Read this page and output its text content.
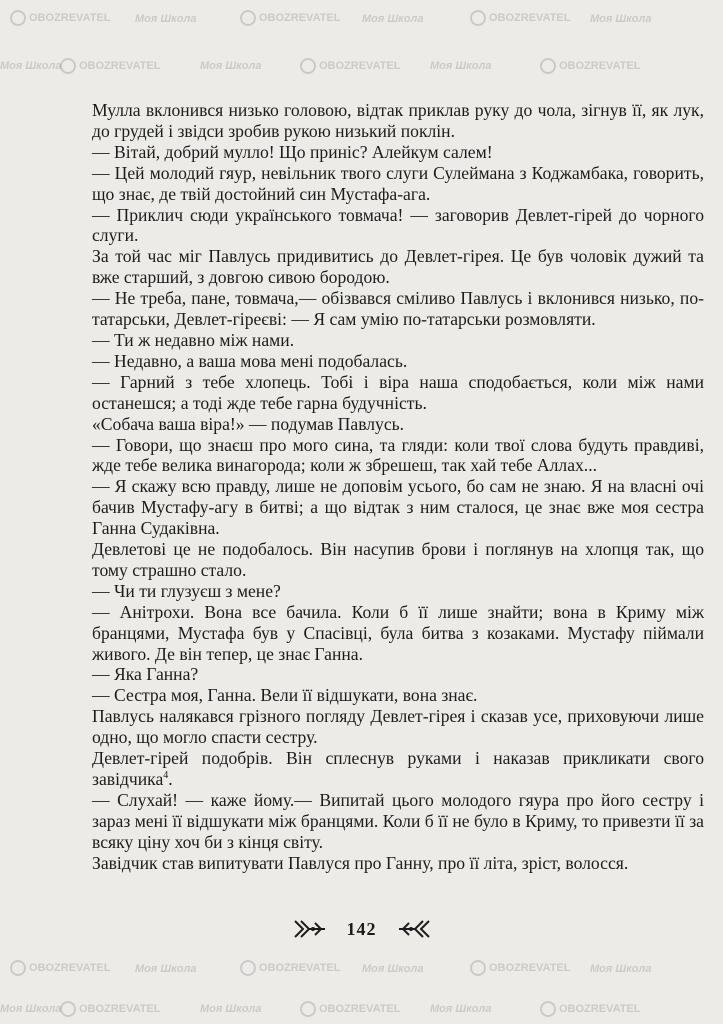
OBOZREVATEL Моя Школа	OBOZREVATEL Моя Школа	OBOZREVATEL Моя Школа
Моя Школа OBOZREVATEL	Моя Школа	OBOZREVATEL	Моя Школа	OBOZREVATEL
OBOZREVATEL Моя Школа	OBOZREVATEL Моя Школа	OBOZREVATEL Моя Школа
Моя Школа OBOZREVATEL	Моя Школа	OBOZREVATEL	Моя Школа	OBOZREVATEL

Мулла вклонився низько головою, відтак приклав руку до чола, зігнув її, як лук, до грудей і звідси зробив рукою низький поклін.

— Вітай, добрий мулло! Що приніс? Алейкум салем!

— Цей молодий гяур, невільник твого слуги Сулеймана з Коджамбака, говорить, що знає, де твій достойний син Мустафа-ага.

— Приклич сюди українського товмача! — заговорив Девлет-гірей до чорного слуги.

За той час міг Павлусь придивитись до Девлет-гірея. Це був чоловік дужий та вже старший, з довгою сивою бородою.

— Не треба, пане, товмача,— обізвався сміливо Павлусь і вклонився низько, по-татарськи, Девлет-гіреєві: — Я сам умію по-татарськи розмовляти.

— Ти ж недавно між нами.

— Недавно, а ваша мова мені подобалась.

— Гарний з тебе хлопець. Тобі і віра наша сподобається, коли між нами останешся; а тоді жде тебе гарна будучність.

«Собача ваша віра!» — подумав Павлусь.

— Говори, що знаєш про мого сина, та гляди: коли твої слова будуть правдиві, жде тебе велика винагорода; коли ж збрешеш, так хай тебе Аллах...

— Я скажу всю правду, лише не доповім усього, бо сам не знаю. Я на власні очі бачив Мустафу-агу в битві; а що відтак з ним сталося, це знає вже моя сестра Ганна Судаківна.

Девлетові це не подобалось. Він насупив брови і поглянув на хлопця так, що тому страшно стало.

— Чи ти глузуєш з мене?

— Анітрохи. Вона все бачила. Коли б її лише знайти; вона в Криму між бранцями, Мустафа був у Спасівці, була битва з козаками. Мустафу піймали живого. Де він тепер, це знає Ганна.

— Яка Ганна?

— Сестра моя, Ганна. Вели її відшукати, вона знає.

Павлусь налякався грізного погляду Девлет-гірея і сказав усе, приховуючи лише одно, що могло спасти сестру.

Девлет-гірей подобрів. Він сплеснув руками і наказав прикликати свого завідчика$^4$.

— Слухай! — каже йому.— Випитай цього молодого гяура про його сестру і зараз мені її відшукати між бранцями. Коли б її не було в Криму, то привезти її за всяку ціну хоч би з кінця світу.

Завідчик став випитувати Павлуся про Ганну, про її літа, зріст, волосся.

142
